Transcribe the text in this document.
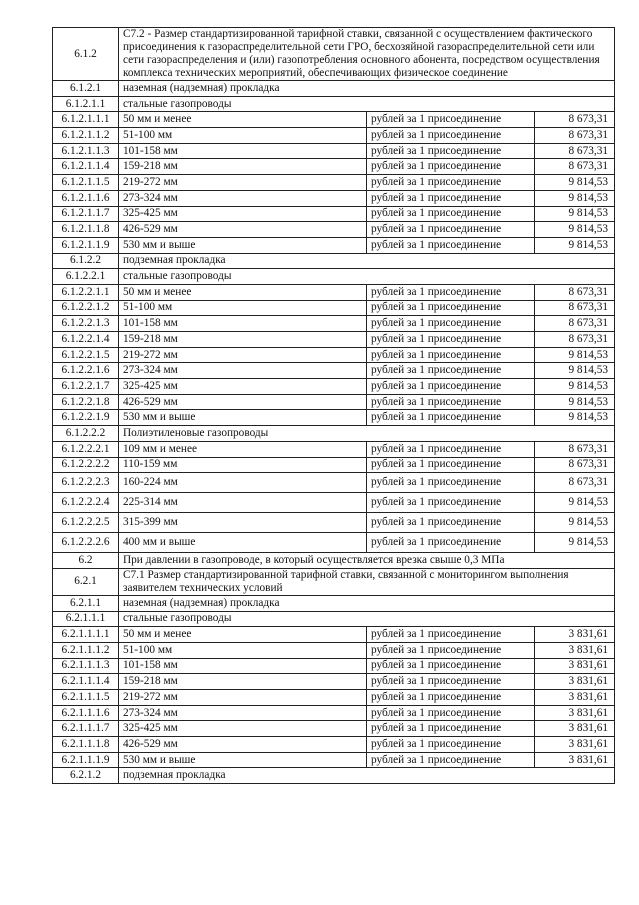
6.1.2	С7.2 - Размер стандартизированной тарифной ставки, связанной с осуществлением фактического присоединения к газораспределительной сети ГРО, бесхозяйной газораспределительной сети или сети газораспределения и (или) газопотребления основного абонента, посредством осуществления комплекса технических мероприятий, обеспечивающих физическое соединение		
6.1.2.1	наземная (надземная) прокладка		
6.1.2.1.1	стальные газопроводы		
6.1.2.1.1.1	50 мм и менее	рублей за 1 присоединение	8 673,31
6.1.2.1.1.2	51-100 мм	рублей за 1 присоединение	8 673,31
6.1.2.1.1.3	101-158 мм	рублей за 1 присоединение	8 673,31
6.1.2.1.1.4	159-218 мм	рублей за 1 присоединение	8 673,31
6.1.2.1.1.5	219-272 мм	рублей за 1 присоединение	9 814,53
6.1.2.1.1.6	273-324 мм	рублей за 1 присоединение	9 814,53
6.1.2.1.1.7	325-425 мм	рублей за 1 присоединение	9 814,53
6.1.2.1.1.8	426-529 мм	рублей за 1 присоединение	9 814,53
6.1.2.1.1.9	530 мм и выше	рублей за 1 присоединение	9 814,53
6.1.2.2	подземная прокладка		
6.1.2.2.1	стальные газопроводы		
6.1.2.2.1.1	50 мм и менее	рублей за 1 присоединение	8 673,31
6.1.2.2.1.2	51-100 мм	рублей за 1 присоединение	8 673,31
6.1.2.2.1.3	101-158 мм	рублей за 1 присоединение	8 673,31
6.1.2.2.1.4	159-218 мм	рублей за 1 присоединение	8 673,31
6.1.2.2.1.5	219-272 мм	рублей за 1 присоединение	9 814,53
6.1.2.2.1.6	273-324 мм	рублей за 1 присоединение	9 814,53
6.1.2.2.1.7	325-425 мм	рублей за 1 присоединение	9 814,53
6.1.2.2.1.8	426-529 мм	рублей за 1 присоединение	9 814,53
6.1.2.2.1.9	530 мм и выше	рублей за 1 присоединение	9 814,53
6.1.2.2.2	Полиэтиленовые газопроводы		
6.1.2.2.2.1	109 мм и менее	рублей за 1 присоединение	8 673,31
6.1.2.2.2.2	110-159 мм	рублей за 1 присоединение	8 673,31
6.1.2.2.2.3	160-224 мм	рублей за 1 присоединение	8 673,31
6.1.2.2.2.4	225-314 мм	рублей за 1 присоединение	9 814,53
6.1.2.2.2.5	315-399 мм	рублей за 1 присоединение	9 814,53
6.1.2.2.2.6	400 мм и выше	рублей за 1 присоединение	9 814,53
6.2	При давлении в газопроводе, в который осуществляется врезка свыше 0,3 МПа		
6.2.1	С7.1 Размер стандартизированной тарифной ставки, связанной с мониторингом выполнения заявителем технических условий		
6.2.1.1	наземная (надземная) прокладка		
6.2.1.1.1	стальные газопроводы		
6.2.1.1.1.1	50 мм и менее	рублей за 1 присоединение	3 831,61
6.2.1.1.1.2	51-100 мм	рублей за 1 присоединение	3 831,61
6.2.1.1.1.3	101-158 мм	рублей за 1 присоединение	3 831,61
6.2.1.1.1.4	159-218 мм	рублей за 1 присоединение	3 831,61
6.2.1.1.1.5	219-272 мм	рублей за 1 присоединение	3 831,61
6.2.1.1.1.6	273-324 мм	рублей за 1 присоединение	3 831,61
6.2.1.1.1.7	325-425 мм	рублей за 1 присоединение	3 831,61
6.2.1.1.1.8	426-529 мм	рублей за 1 присоединение	3 831,61
6.2.1.1.1.9	530 мм и выше	рублей за 1 присоединение	3 831,61
6.2.1.2	подземная прокладка		
